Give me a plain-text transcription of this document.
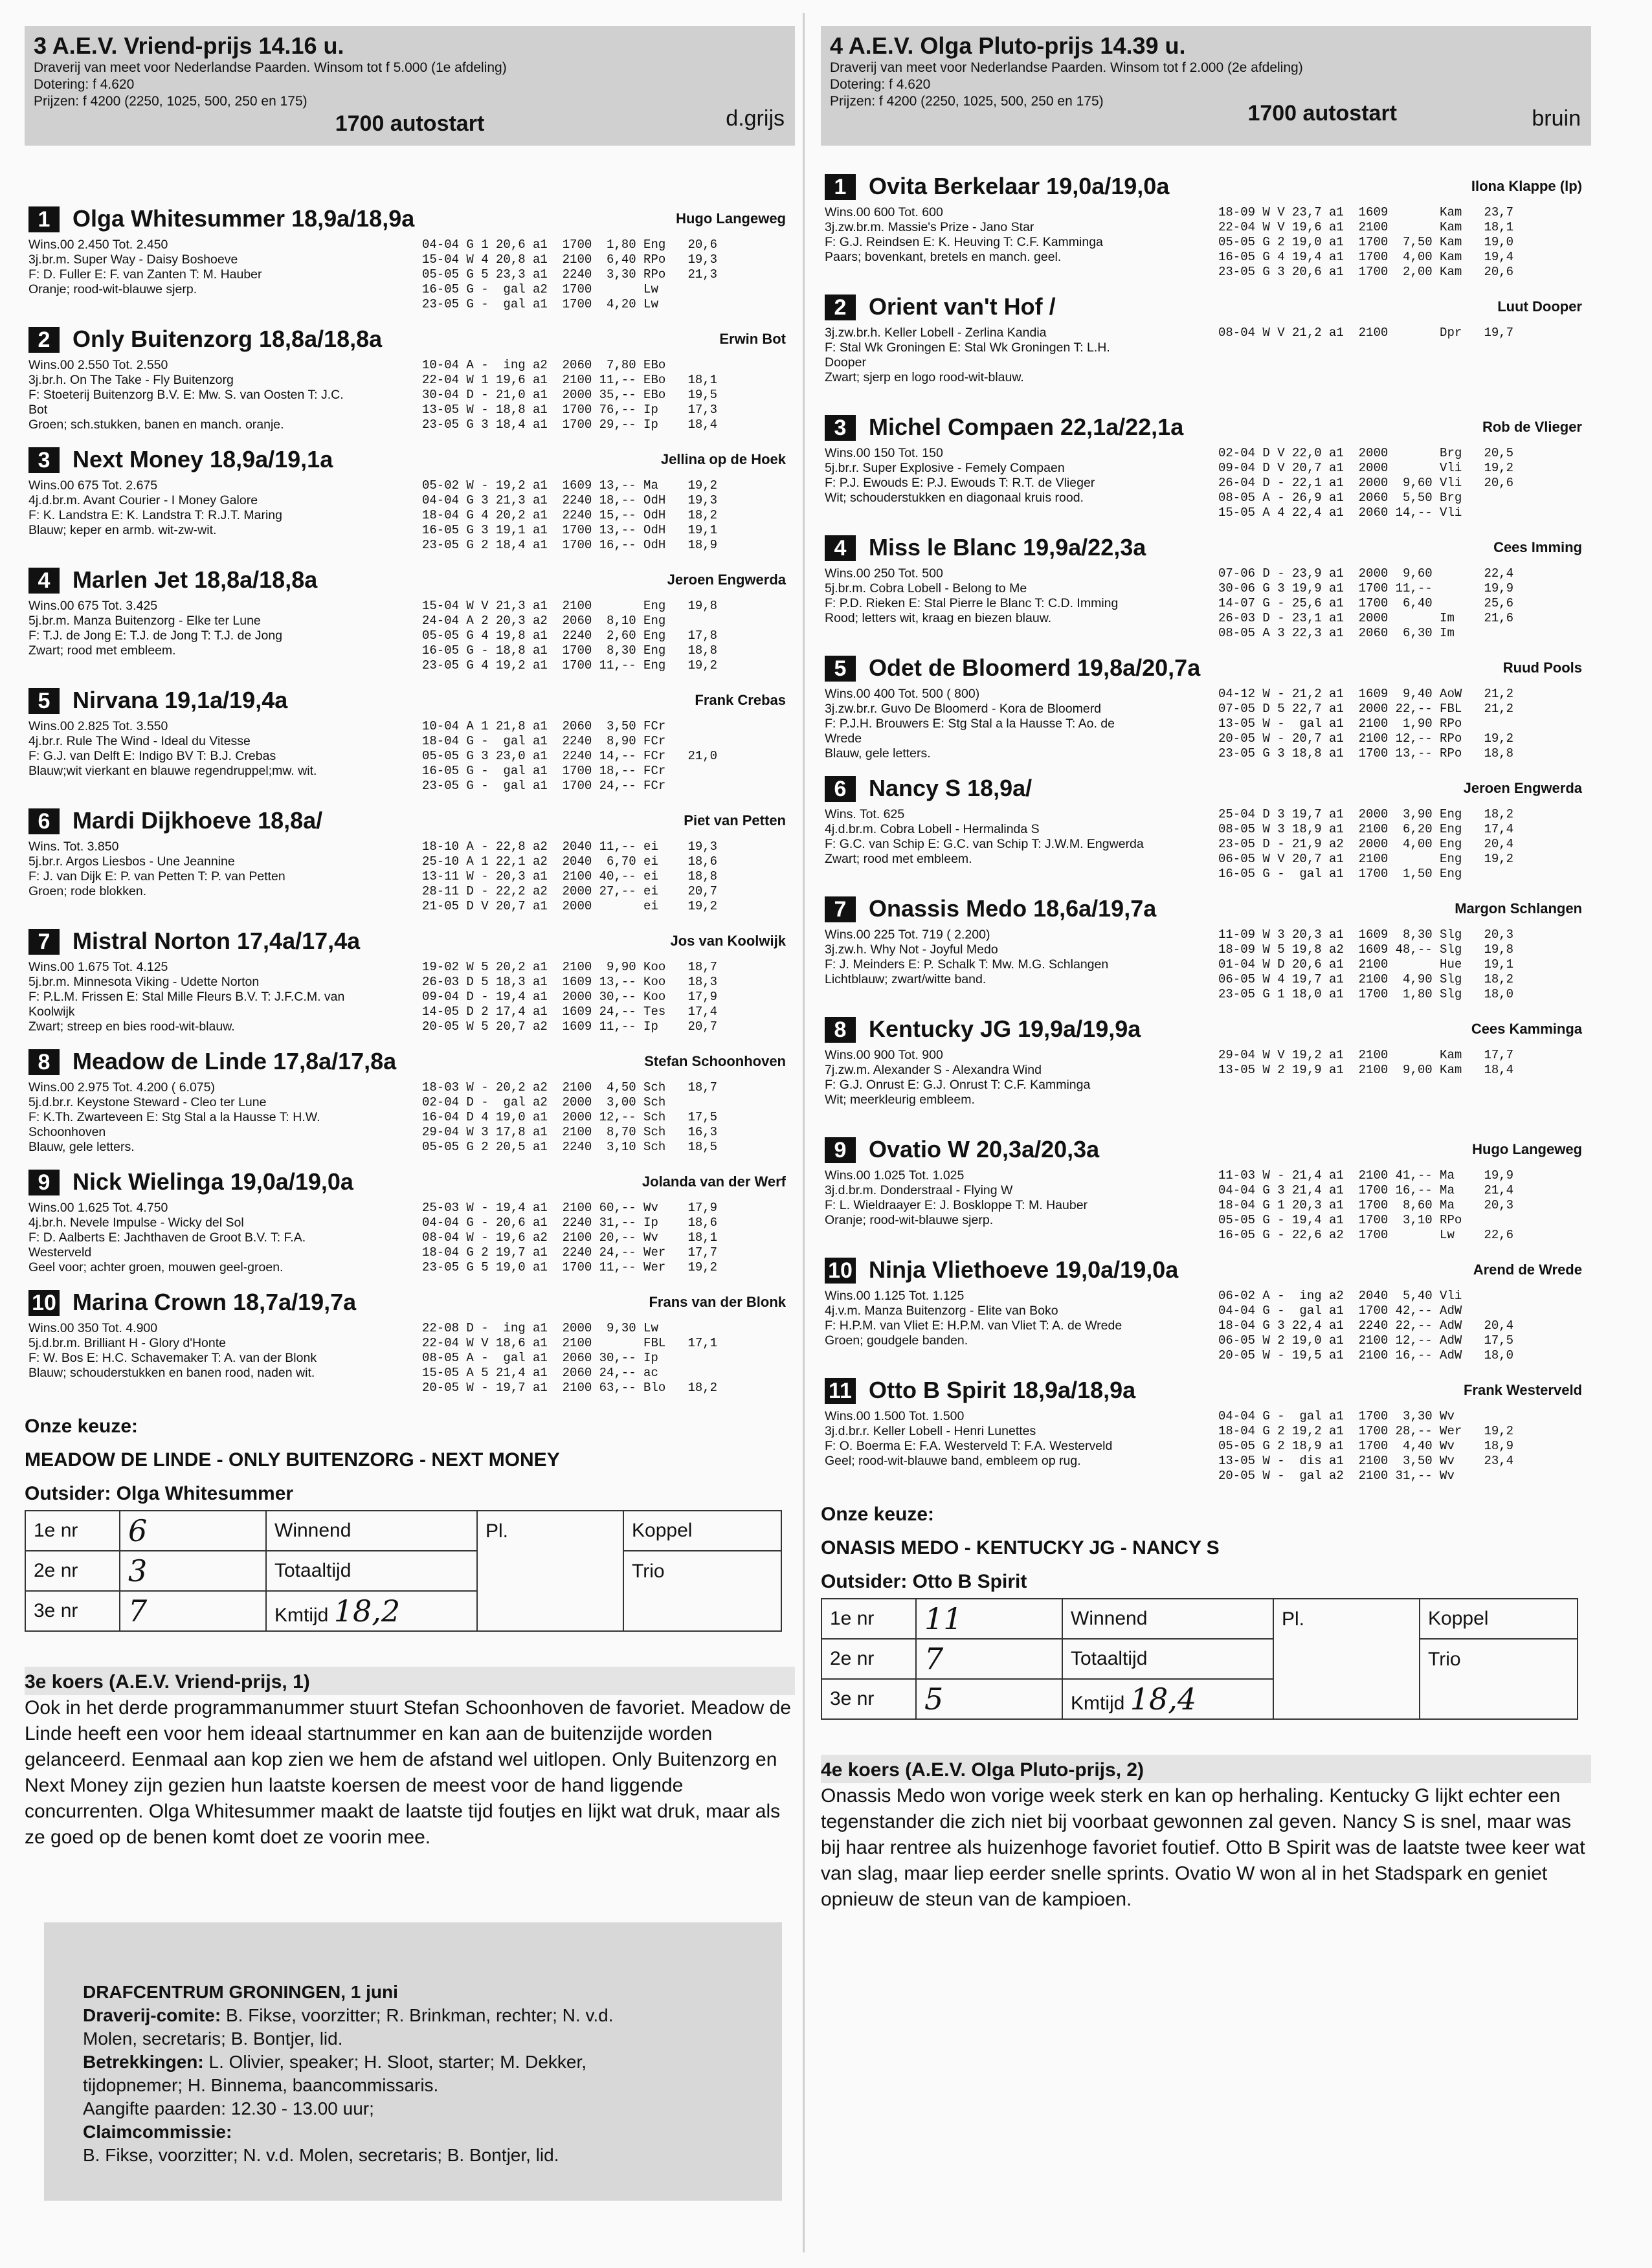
3 A.E.V. Vriend-prijs 14.16 u.
Draverij van meet voor Nederlandse Paarden. Winsom tot f 5.000 (1e afdeling)
Dotering: f 4.620
Prijzen: f 4200 (2250, 1025, 500, 250 en 175)
1700 autostart	d.grijs
1 Olga Whitesummer 18,9a/18,9a	Hugo Langeweg
Wins.00 2.450 Tot. 2.450
3j.br.m. Super Way - Daisy Boshoeve
F: D. Fuller E: F. van Zanten T: M. Hauber
Oranje; rood-wit-blauwe sjerp.
04-04 G 1 20,6 a1  1700  1,80 Eng   20,6
15-04 W 4 20,8 a1  2100  6,40 RPo   19,3
05-05 G 5 23,3 a1  2240  3,30 RPo   21,3
16-05 G -  gal a2  1700       Lw
23-05 G -  gal a1  1700  4,20 Lw
2 Only Buitenzorg 18,8a/18,8a	Erwin Bot
Wins.00 2.550 Tot. 2.550
3j.br.h. On The Take - Fly Buitenzorg
F: Stoeterij Buitenzorg B.V. E: Mw. S. van Oosten T: J.C.
Bot
Groen; sch.stukken, banen en manch. oranje.
10-04 A -  ing a2  2060  7,80 EBo
22-04 W 1 19,6 a1  2100 11,-- EBo   18,1
30-04 D - 21,0 a1  2000 35,-- EBo   19,5
13-05 W - 18,8 a1  1700 76,-- Ip    17,3
23-05 G 3 18,4 a1  1700 29,-- Ip    18,4
3 Next Money 18,9a/19,1a	Jellina op de Hoek
Wins.00 675 Tot. 2.675
4j.d.br.m. Avant Courier - I Money Galore
F: K. Landstra E: K. Landstra T: R.J.T. Maring
Blauw; keper en armb. wit-zw-wit.
05-02 W - 19,2 a1  1609 13,-- Ma    19,2
04-04 G 3 21,3 a1  2240 18,-- OdH   19,3
18-04 G 4 20,2 a1  2240 15,-- OdH   18,2
16-05 G 3 19,1 a1  1700 13,-- OdH   19,1
23-05 G 2 18,4 a1  1700 16,-- OdH   18,9
4 Marlen Jet 18,8a/18,8a	Jeroen Engwerda
Wins.00 675 Tot. 3.425
5j.br.m. Manza Buitenzorg - Elke ter Lune
F: T.J. de Jong E: T.J. de Jong T: T.J. de Jong
Zwart; rood met embleem.
15-04 W V 21,3 a1  2100       Eng   19,8
24-04 A 2 20,3 a2  2060  8,10 Eng
05-05 G 4 19,8 a1  2240  2,60 Eng   17,8
16-05 G - 18,8 a1  1700  8,30 Eng   18,8
23-05 G 4 19,2 a1  1700 11,-- Eng   19,2
5 Nirvana 19,1a/19,4a	Frank Crebas
Wins.00 2.825 Tot. 3.550
4j.br.r. Rule The Wind - Ideal du Vitesse
F: G.J. van Delft E: Indigo BV T: B.J. Crebas
Blauw;wit vierkant en blauwe regendruppel;mw. wit.
10-04 A 1 21,8 a1  2060  3,50 FCr
18-04 G -  gal a1  2240  8,90 FCr
05-05 G 3 23,0 a1  2240 14,-- FCr   21,0
16-05 G -  gal a1  1700 18,-- FCr
23-05 G -  gal a1  1700 24,-- FCr
6 Mardi Dijkhoeve 18,8a/	Piet van Petten
Wins. Tot. 3.850
5j.br.r. Argos Liesbos - Une Jeannine
F: J. van Dijk E: P. van Petten T: P. van Petten
Groen; rode blokken.
18-10 A - 22,8 a2  2040 11,-- ei    19,3
25-10 A 1 22,1 a2  2040  6,70 ei    18,6
13-11 W - 20,3 a1  2100 40,-- ei    18,8
28-11 D - 22,2 a2  2000 27,-- ei    20,7
21-05 D V 20,7 a1  2000       ei    19,2
7 Mistral Norton 17,4a/17,4a	Jos van Koolwijk
Wins.00 1.675 Tot. 4.125
5j.br.m. Minnesota Viking - Udette Norton
F: P.L.M. Frissen E: Stal Mille Fleurs B.V. T: J.F.C.M. van
Koolwijk
Zwart; streep en bies rood-wit-blauw.
19-02 W 5 20,2 a1  2100  9,90 Koo   18,7
26-03 D 5 18,3 a1  1609 13,-- Koo   18,3
09-04 D - 19,4 a1  2000 30,-- Koo   17,9
14-05 D 2 17,4 a1  1609 24,-- Tes   17,4
20-05 W 5 20,7 a2  1609 11,-- Ip    20,7
8 Meadow de Linde 17,8a/17,8a	Stefan Schoonhoven
Wins.00 2.975 Tot. 4.200 ( 6.075)
5j.d.br.r. Keystone Steward - Cleo ter Lune
F: K.Th. Zwarteveen E: Stg Stal a la Hausse T: H.W.
Schoonhoven
Blauw, gele letters.
18-03 W - 20,2 a2  2100  4,50 Sch   18,7
02-04 D -  gal a2  2000  3,00 Sch
16-04 D 4 19,0 a1  2000 12,-- Sch   17,5
29-04 W 3 17,8 a1  2100  8,70 Sch   16,3
05-05 G 2 20,5 a1  2240  3,10 Sch   18,5
9 Nick Wielinga 19,0a/19,0a	Jolanda van der Werf
Wins.00 1.625 Tot. 4.750
4j.br.h. Nevele Impulse - Wicky del Sol
F: D. Aalberts E: Jachthaven de Groot B.V. T: F.A.
Westerveld
Geel voor; achter groen, mouwen geel-groen.
25-03 W - 19,4 a1  2100 60,-- Wv    17,9
04-04 G - 20,6 a1  2240 31,-- Ip    18,6
08-04 W - 19,6 a2  2100 20,-- Wv    18,1
18-04 G 2 19,7 a1  2240 24,-- Wer   17,7
23-05 G 5 19,0 a1  1700 11,-- Wer   19,2
10 Marina Crown 18,7a/19,7a	Frans van der Blonk
Wins.00 350 Tot. 4.900
5j.d.br.m. Brilliant H - Glory d'Honte
F: W. Bos E: H.C. Schavemaker T: A. van der Blonk
Blauw; schouderstukken en banen rood, naden wit.
22-08 D -  ing a1  2000  9,30 Lw
22-04 W V 18,6 a1  2100       FBL   17,1
08-05 A -  gal a1  2060 30,-- Ip
15-05 A 5 21,4 a1  2060 24,-- ac
20-05 W - 19,7 a1  2100 63,-- Blo   18,2
Onze keuze:
MEADOW DE LINDE - ONLY BUITENZORG - NEXT MONEY
Outsider: Olga Whitesummer
1e nr	6	Winnend	Pl.	Koppel
2e nr	3	Totaaltijd		Trio
3e nr	7	Kmtijd 18,2		
3e koers (A.E.V. Vriend-prijs, 1)
Ook in het derde programmanummer stuurt Stefan Schoonhoven de favoriet. Meadow de Linde heeft een voor hem ideaal startnummer en kan aan de buitenzijde worden gelanceerd. Eenmaal aan kop zien we hem de afstand wel uitlopen. Only Buitenzorg en Next Money zijn gezien hun laatste koersen de meest voor de hand liggende concurrenten. Olga Whitesummer maakt de laatste tijd foutjes en lijkt wat druk, maar als ze goed op de benen komt doet ze voorin mee.
4 A.E.V. Olga Pluto-prijs 14.39 u.
Draverij van meet voor Nederlandse Paarden. Winsom tot f 2.000 (2e afdeling)
Dotering: f 4.620
Prijzen: f 4200 (2250, 1025, 500, 250 en 175)	1700 autostart	bruin
1 Ovita Berkelaar 19,0a/19,0a	Ilona Klappe (lp)
Wins.00 600 Tot. 600
3j.zw.br.m. Massie's Prize - Jano Star
F: G.J. Reindsen E: K. Heuving T: C.F. Kamminga
Paars; bovenkant, bretels en manch. geel.
18-09 W V 23,7 a1  1609       Kam   23,7
22-04 W V 19,6 a1  2100       Kam   18,1
05-05 G 2 19,0 a1  1700  7,50 Kam   19,0
16-05 G 4 19,4 a1  1700  4,00 Kam   19,4
23-05 G 3 20,6 a1  1700  2,00 Kam   20,6
2 Orient van't Hof /	Luut Dooper
3j.zw.br.h. Keller Lobell - Zerlina Kandia
F: Stal Wk Groningen E: Stal Wk Groningen T: L.H.
Dooper
Zwart; sjerp en logo rood-wit-blauw.
08-04 W V 21,2 a1  2100       Dpr   19,7
3 Michel Compaen 22,1a/22,1a	Rob de Vlieger
Wins.00 150 Tot. 150
5j.br.r. Super Explosive - Femely Compaen
F: P.J. Ewouds E: P.J. Ewouds T: R.T. de Vlieger
Wit; schouderstukken en diagonaal kruis rood.
02-04 D V 22,0 a1  2000       Brg   20,5
09-04 D V 20,7 a1  2000       Vli   19,2
26-04 D - 22,1 a1  2000  9,60 Vli   20,6
08-05 A - 26,9 a1  2060  5,50 Brg
15-05 A 4 22,4 a1  2060 14,-- Vli
4 Miss le Blanc 19,9a/22,3a	Cees Imming
Wins.00 250 Tot. 500
5j.br.m. Cobra Lobell - Belong to Me
F: P.D. Rieken E: Stal Pierre le Blanc T: C.D. Imming
Rood; letters wit, kraag en biezen blauw.
07-06 D - 23,9 a1  2000  9,60       22,4
30-06 G 3 19,9 a1  1700 11,--       19,9
14-07 G - 25,6 a1  1700  6,40       25,6
26-03 D - 23,1 a1  2000       Im    21,6
08-05 A 3 22,3 a1  2060  6,30 Im
5 Odet de Bloomerd 19,8a/20,7a	Ruud Pools
Wins.00 400 Tot. 500 ( 800)
3j.zw.br.r. Guvo De Bloomerd - Kora de Bloomerd
F: P.J.H. Brouwers E: Stg Stal a la Hausse T: Ao. de
Wrede
Blauw, gele letters.
04-12 W - 21,2 a1  1609  9,40 AoW   21,2
07-05 D 5 22,7 a1  2000 22,-- FBL   21,2
13-05 W -  gal a1  2100  1,90 RPo
20-05 W - 20,7 a1  2100 12,-- RPo   19,2
23-05 G 3 18,8 a1  1700 13,-- RPo   18,8
6 Nancy S 18,9a/	Jeroen Engwerda
Wins. Tot. 625
4j.d.br.m. Cobra Lobell - Hermalinda S
F: G.C. van Schip E: G.C. van Schip T: J.W.M. Engwerda
Zwart; rood met embleem.
25-04 D 3 19,7 a1  2000  3,90 Eng   18,2
08-05 W 3 18,9 a1  2100  6,20 Eng   17,4
23-05 D - 21,9 a2  2000  4,00 Eng   20,4
06-05 W V 20,7 a1  2100       Eng   19,2
16-05 G -  gal a1  1700  1,50 Eng
7 Onassis Medo 18,6a/19,7a	Margon Schlangen
Wins.00 225 Tot. 719 ( 2.200)
3j.zw.h. Why Not - Joyful Medo
F: J. Meinders E: P. Schalk T: Mw. M.G. Schlangen
Lichtblauw; zwart/witte band.
11-09 W 3 20,3 a1  1609  8,30 Slg   20,3
18-09 W 5 19,8 a2  1609 48,-- Slg   19,8
01-04 W D 20,6 a1  2100       Hue   19,1
06-05 W 4 19,7 a1  2100  4,90 Slg   18,2
23-05 G 1 18,0 a1  1700  1,80 Slg   18,0
8 Kentucky JG 19,9a/19,9a	Cees Kamminga
Wins.00 900 Tot. 900
7j.zw.m. Alexander S - Alexandra Wind
F: G.J. Onrust E: G.J. Onrust T: C.F. Kamminga
Wit; meerkleurig embleem.
29-04 W V 19,2 a1  2100       Kam   17,7
13-05 W 2 19,9 a1  2100  9,00 Kam   18,4
9 Ovatio W 20,3a/20,3a	Hugo Langeweg
Wins.00 1.025 Tot. 1.025
3j.d.br.m. Donderstraal - Flying W
F: L. Wieldraayer E: J. Boskloppe T: M. Hauber
Oranje; rood-wit-blauwe sjerp.
11-03 W - 21,4 a1  2100 41,-- Ma    19,9
04-04 G 3 21,4 a1  1700 16,-- Ma    21,4
18-04 G 1 20,3 a1  1700  8,60 Ma    20,3
05-05 G - 19,4 a1  1700  3,10 RPo
16-05 G - 22,6 a2  1700       Lw    22,6
10 Ninja Vliethoeve 19,0a/19,0a	Arend de Wrede
Wins.00 1.125 Tot. 1.125
4j.v.m. Manza Buitenzorg - Elite van Boko
F: H.P.M. van Vliet E: H.P.M. van Vliet T: A. de Wrede
Groen; goudgele banden.
06-02 A -  ing a2  2040  5,40 Vli
04-04 G -  gal a1  1700 42,-- AdW
18-04 G 3 22,4 a1  2240 22,-- AdW   20,4
06-05 W 2 19,0 a1  2100 12,-- AdW   17,5
20-05 W - 19,5 a1  2100 16,-- AdW   18,0
11 Otto B Spirit 18,9a/18,9a	Frank Westerveld
Wins.00 1.500 Tot. 1.500
3j.d.br.r. Keller Lobell - Henri Lunettes
F: O. Boerma E: F.A. Westerveld T: F.A. Westerveld
Geel; rood-wit-blauwe band, embleem op rug.
04-04 G -  gal a1  1700  3,30 Wv
18-04 G 2 19,2 a1  1700 28,-- Wer   19,2
05-05 G 2 18,9 a1  1700  4,40 Wv    18,9
13-05 W -  dis a1  2100  3,50 Wv    23,4
20-05 W -  gal a2  2100 31,-- Wv
Onze keuze:
ONASIS MEDO - KENTUCKY JG - NANCY S
Outsider: Otto B Spirit
1e nr	11	Winnend	Pl.	Koppel
2e nr	7	Totaaltijd		Trio
3e nr	5	Kmtijd 18,4		
4e koers (A.E.V. Olga Pluto-prijs, 2)
Onassis Medo won vorige week sterk en kan op herhaling. Kentucky G lijkt echter een tegenstander die zich niet bij voorbaat gewonnen zal geven. Nancy S is snel, maar was bij haar rentree als huizenhoge favoriet foutief. Otto B Spirit was de laatste twee keer wat van slag, maar liep eerder snelle sprints. Ovatio W won al in het Stadspark en geniet opnieuw de steun van de kampioen.
DRAFCENTRUM GRONINGEN, 1 juni
Draverij-comite: B. Fikse, voorzitter; R. Brinkman, rechter; N. v.d.
Molen, secretaris; B. Bontjer, lid.
Betrekkingen: L. Olivier, speaker; H. Sloot, starter; M. Dekker,
tijdopnemer; H. Binnema, baancommissaris.
Aangifte paarden: 12.30 - 13.00 uur;
Claimcommissie:
B. Fikse, voorzitter; N. v.d. Molen, secretaris; B. Bontjer, lid.
